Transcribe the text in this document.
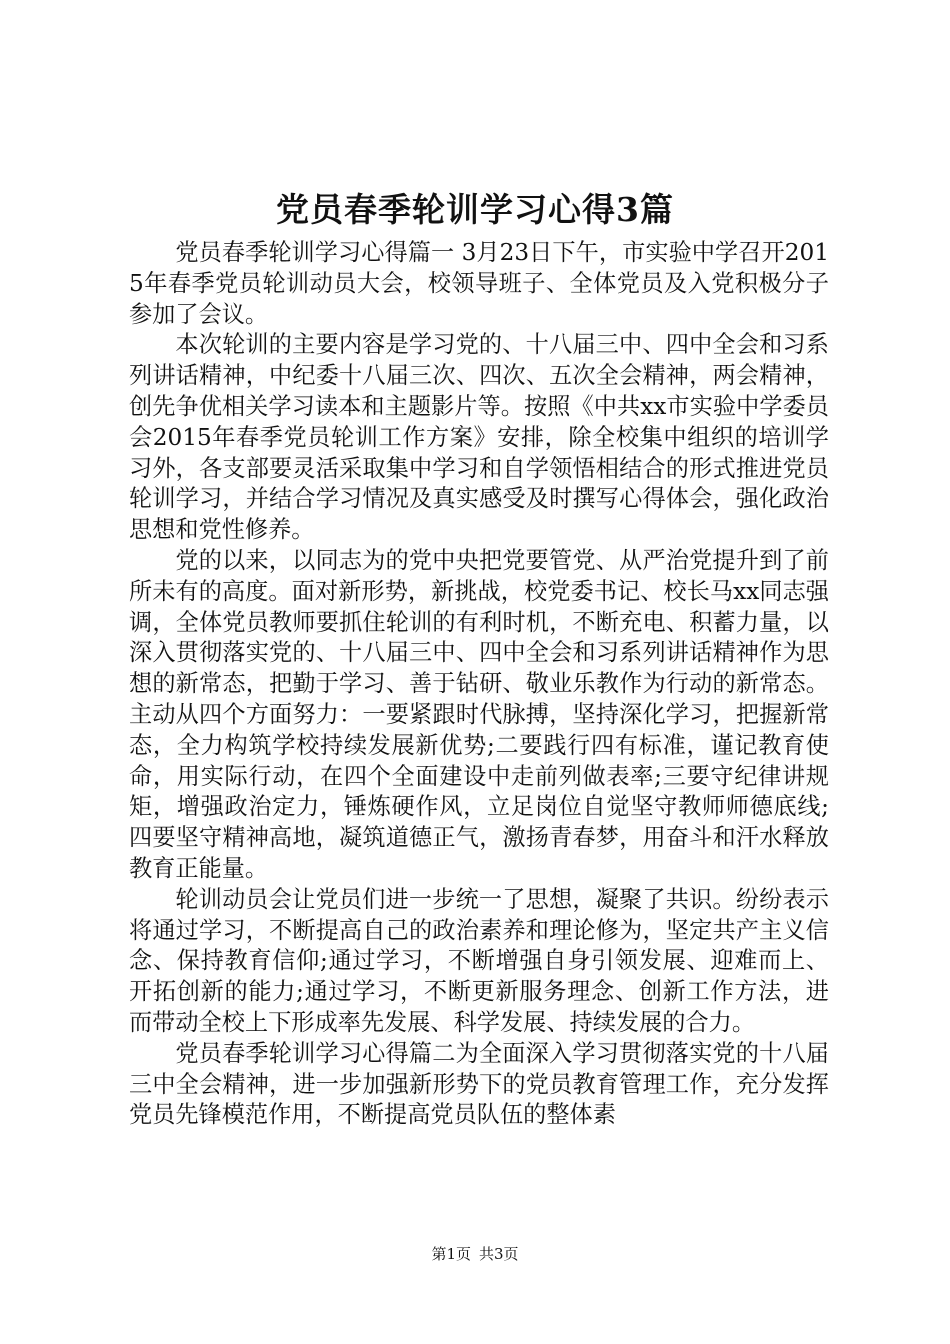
党员春季轮训学习心得3篇

党员春季轮训学习心得篇一 3月23日下午，市实验中学召开2015年春季党员轮训动员大会，校领导班子、全体党员及入党积极分子参加了会议。

本次轮训的主要内容是学习党的、十八届三中、四中全会和习系列讲话精神，中纪委十八届三次、四次、五次全会精神，两会精神，创先争优相关学习读本和主题影片等。按照《中共xx市实验中学委员会2015年春季党员轮训工作方案》安排，除全校集中组织的培训学习外，各支部要灵活采取集中学习和自学领悟相结合的形式推进党员轮训学习，并结合学习情况及真实感受及时撰写心得体会，强化政治思想和党性修养。

党的以来，以同志为的党中央把党要管党、从严治党提升到了前所未有的高度。面对新形势，新挑战，校党委书记、校长马xx同志强调，全体党员教师要抓住轮训的有利时机，不断充电、积蓄力量，以深入贯彻落实党的、十八届三中、四中全会和习系列讲话精神作为思想的新常态，把勤于学习、善于钻研、敬业乐教作为行动的新常态。主动从四个方面努力：一要紧跟时代脉搏，坚持深化学习，把握新常态，全力构筑学校持续发展新优势;二要践行四有标准，谨记教育使命，用实际行动，在四个全面建设中走前列做表率;三要守纪律讲规矩，增强政治定力，锤炼硬作风，立足岗位自觉坚守教师师德底线;四要坚守精神高地，凝筑道德正气，激扬青春梦，用奋斗和汗水释放教育正能量。

轮训动员会让党员们进一步统一了思想，凝聚了共识。纷纷表示将通过学习，不断提高自己的政治素养和理论修为，坚定共产主义信念、保持教育信仰;通过学习，不断增强自身引领发展、迎难而上、开拓创新的能力;通过学习，不断更新服务理念、创新工作方法，进而带动全校上下形成率先发展、科学发展、持续发展的合力。

党员春季轮训学习心得篇二为全面深入学习贯彻落实党的十八届三中全会精神，进一步加强新形势下的党员教育管理工作，充分发挥党员先锋模范作用，不断提高党员队伍的整体素

第1页 共3页
